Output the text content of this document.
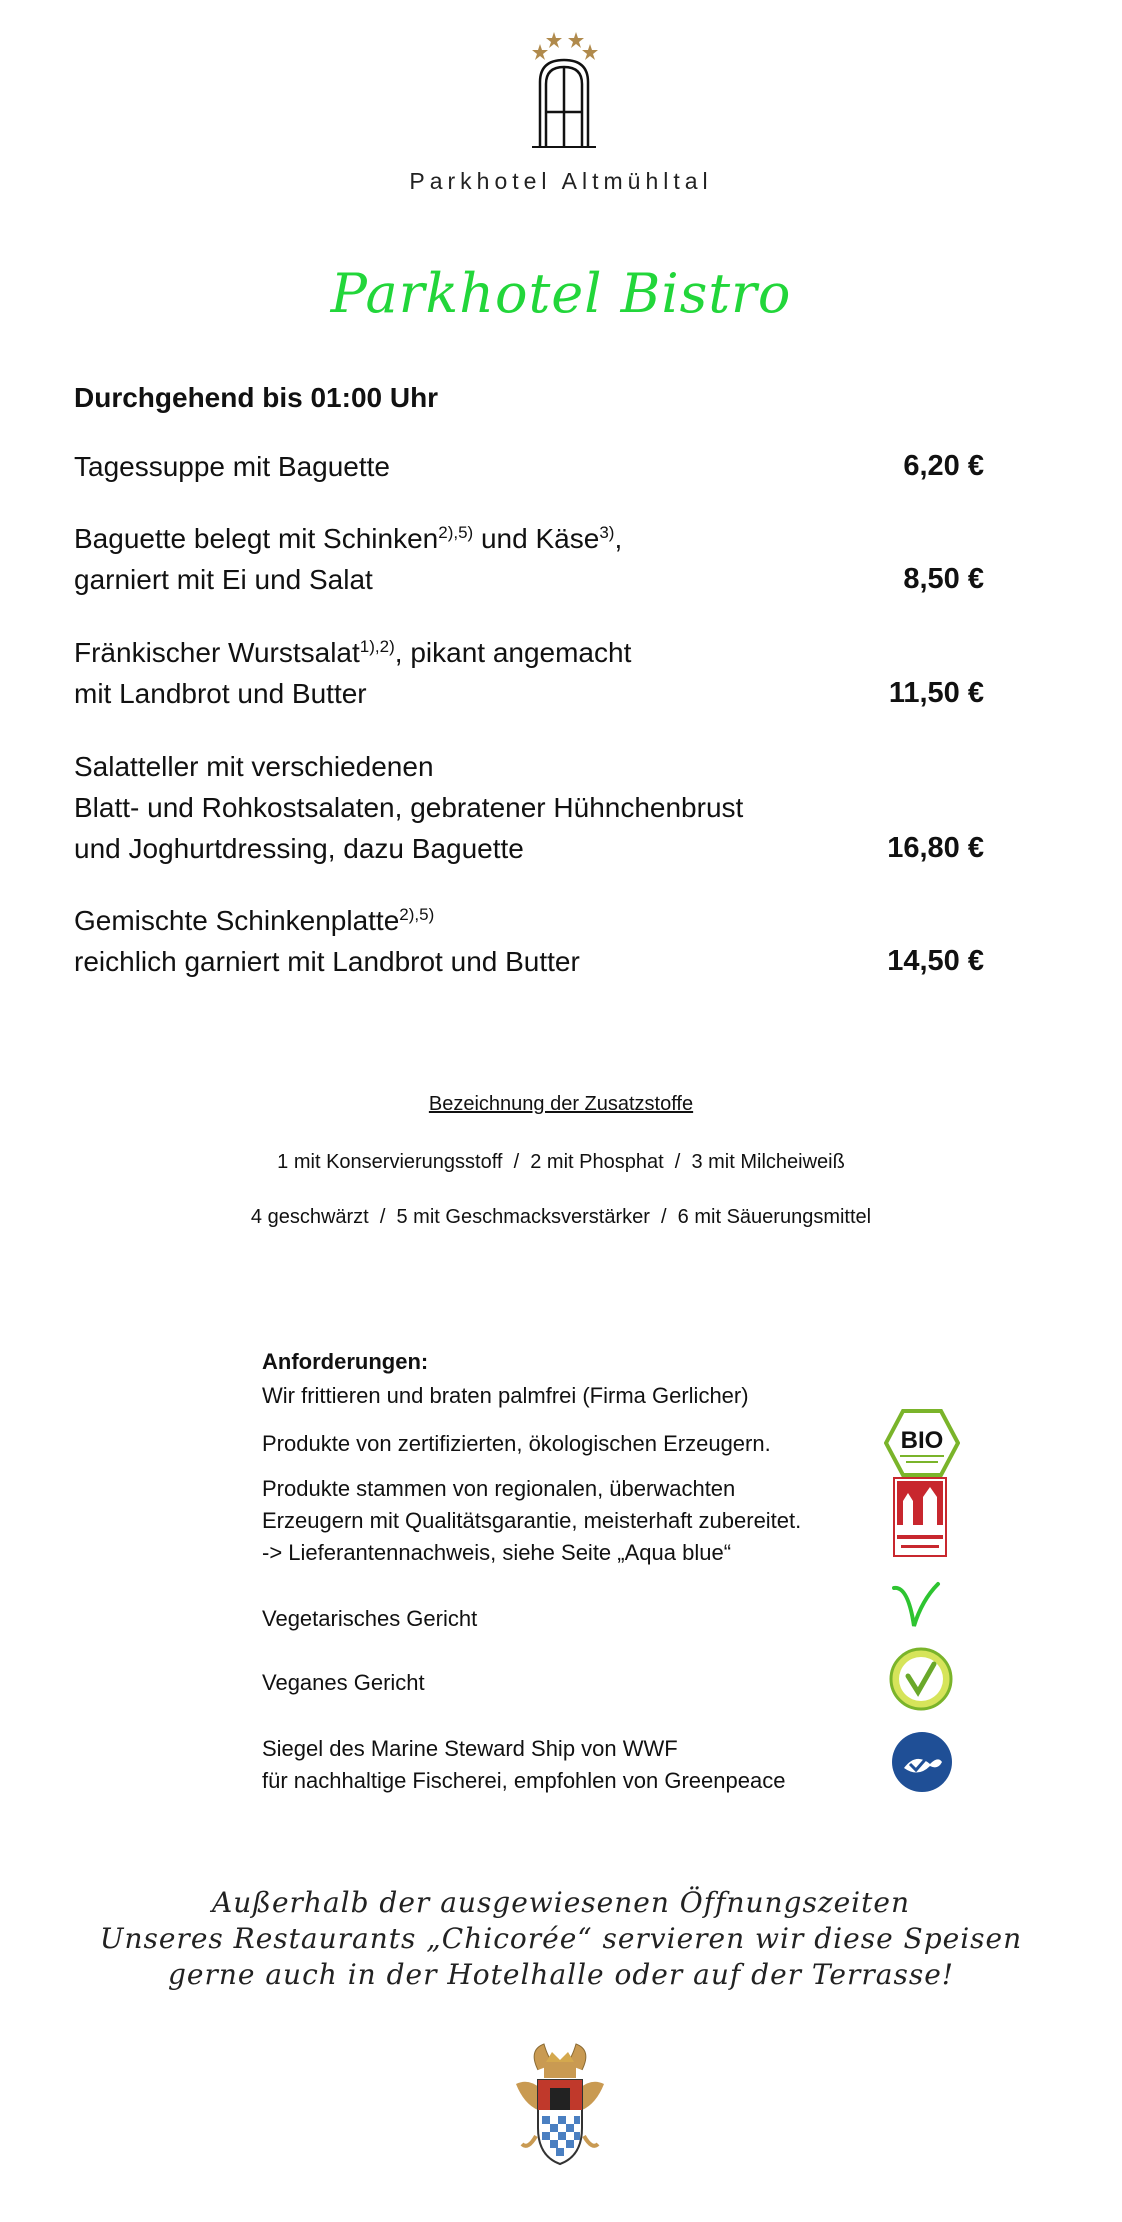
Parkhotel Altmühltal
Parkhotel Bistro
Durchgehend bis 01:00 Uhr
Tagessuppe mit Baguette	6,20 €
Baguette belegt mit Schinken$^{2),5)}$ und Käse$^{3)}$,
garniert mit Ei und Salat	8,50 €
Fränkischer Wurstsalat$^{1),2)}$, pikant angemacht
mit Landbrot und Butter	11,50 €
Salatteller mit verschiedenen
Blatt- und Rohkostsalaten, gebratener Hühnchenbrust
und Joghurtdressing, dazu Baguette	16,80 €
Gemischte Schinkenplatte$^{2),5)}$
reichlich garniert mit Landbrot und Butter	14,50 €
Bezeichnung der Zusatzstoffe
1 mit Konservierungsstoff  /  2 mit Phosphat  /  3 mit Milcheiweiß
4 geschwärzt  /  5 mit Geschmacksverstärker  /  6 mit Säuerungsmittel
Anforderungen:
Wir frittieren und braten palmfrei (Firma Gerlicher)
Produkte von zertifizierten, ökologischen Erzeugern.
Produkte stammen von regionalen, überwachten
Erzeugern mit Qualitätsgarantie, meisterhaft zubereitet.
-> Lieferantennachweis, siehe Seite „Aqua blue“
Vegetarisches Gericht
Veganes Gericht
Siegel des Marine Steward Ship von WWF
für nachhaltige Fischerei, empfohlen von Greenpeace
BIO
Außerhalb der ausgewiesenen Öffnungszeiten
Unseres Restaurants „Chicorée“ servieren wir diese Speisen
gerne auch in der Hotelhalle oder auf der Terrasse!
